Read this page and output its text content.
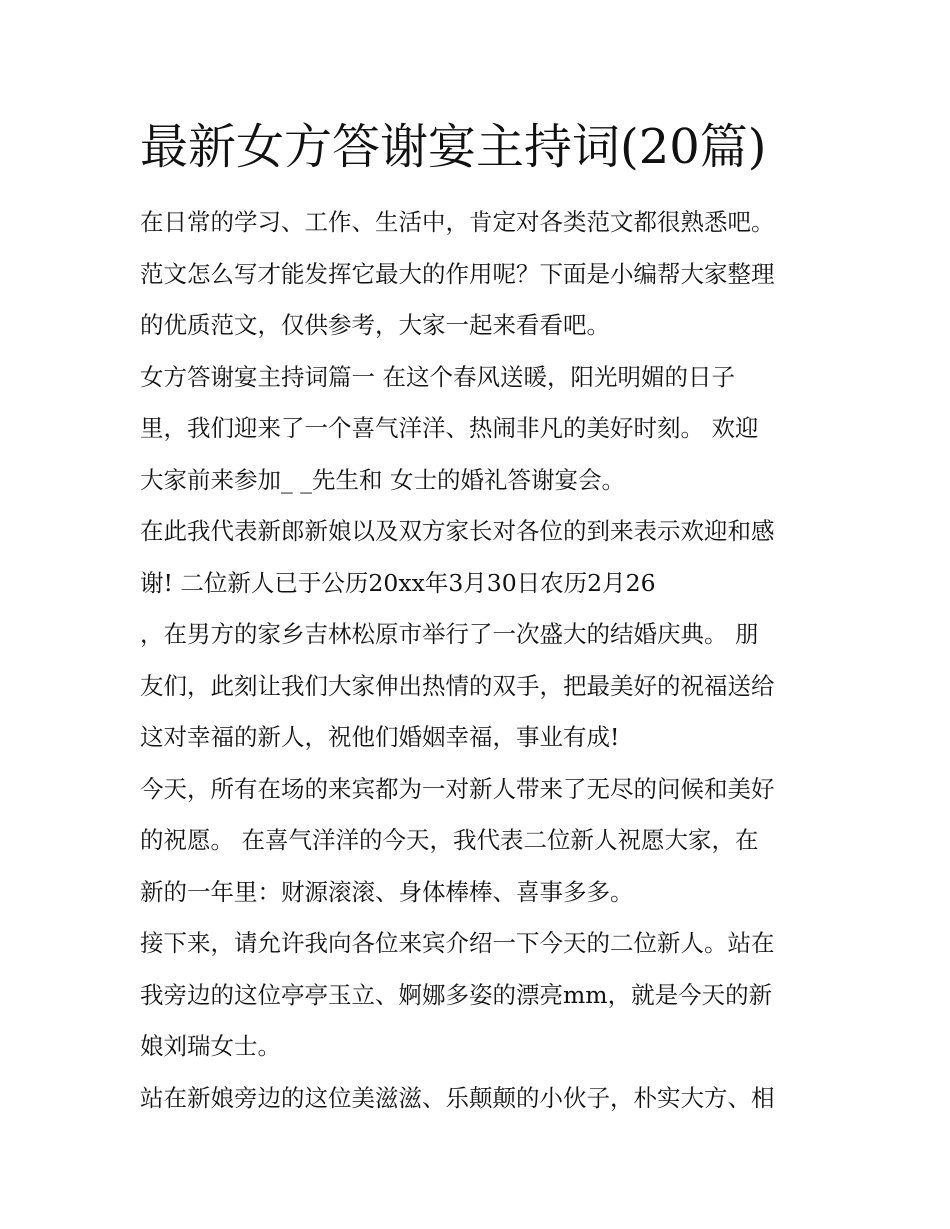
最新女方答谢宴主持词(20篇)
在日常的学习、工作、生活中，肯定对各类范文都很熟悉吧。
范文怎么写才能发挥它最大的作用呢？下面是小编帮大家整理
的优质范文，仅供参考，大家一起来看看吧。
女方答谢宴主持词篇一 在这个春风送暖，阳光明媚的日子
里，我们迎来了一个喜气洋洋、热闹非凡的美好时刻。 欢迎
大家前来参加_ _先生和 女士的婚礼答谢宴会。
在此我代表新郎新娘以及双方家长对各位的到来表示欢迎和感
谢! 二位新人已于公历20xx年3月30日农历2月26
，在男方的家乡吉林松原市举行了一次盛大的结婚庆典。 朋
友们，此刻让我们大家伸出热情的双手，把最美好的祝福送给
这对幸福的新人，祝他们婚姻幸福，事业有成!
今天，所有在场的来宾都为一对新人带来了无尽的问候和美好
的祝愿。 在喜气洋洋的今天，我代表二位新人祝愿大家，在
新的一年里：财源滚滚、身体棒棒、喜事多多。
接下来，请允许我向各位来宾介绍一下今天的二位新人。站在
我旁边的这位亭亭玉立、婀娜多姿的漂亮mm，就是今天的新
娘刘瑞女士。
站在新娘旁边的这位美滋滋、乐颠颠的小伙子，朴实大方、相
